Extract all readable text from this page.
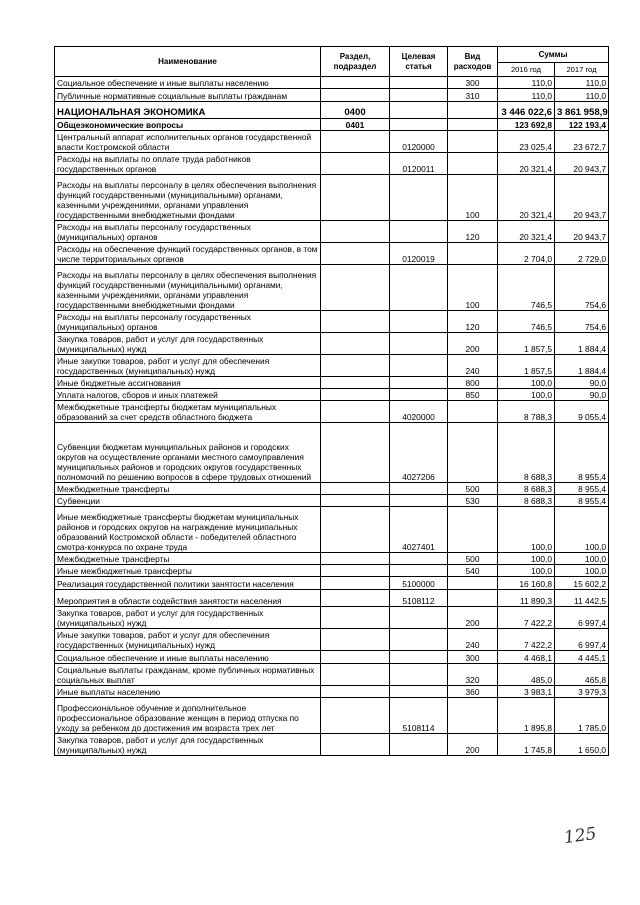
Наименование	Раздел, подраздел	Целевая статья	Вид расходов	Суммы	
				2016 год	2017 год
Социальное обеспечение и иные выплаты населению			300	110,0	110,0
Публичные нормативные социальные выплаты гражданам			310	110,0	110,0
НАЦИОНАЛЬНАЯ ЭКОНОМИКА	0400			3 446 022,6	3 861 958,9
Общеэкономические вопросы	0401			123 692,8	122 193,4
Центральный аппарат исполнительных органов государственной власти Костромской области		0120000		23 025,4	23 672,7
Расходы на выплаты по оплате труда работников государственных органов		0120011		20 321,4	20 943,7
Расходы на выплаты персоналу в целях обеспечения выполнения функций государственными (муниципальными) органами, казенными учреждениями, органами управления государственными внебюджетными фондами			100	20 321,4	20 943,7
Расходы на выплаты персоналу государственных (муниципальных) органов			120	20 321,4	20 943,7
Расходы на обеспечение функций государственных органов, в том числе территориальных органов		0120019		2 704,0	2 729,0
Расходы на выплаты персоналу в целях обеспечения выполнения функций государственными (муниципальными) органами, казенными учреждениями, органами управления государственными внебюджетными фондами			100	746,5	754,6
Расходы на выплаты персоналу государственных (муниципальных) органов			120	746,5	754,6
Закупка товаров, работ и услуг для государственных (муниципальных) нужд			200	1 857,5	1 884,4
Иные закупки товаров, работ и услуг для обеспечения государственных (муниципальных) нужд			240	1 857,5	1 884,4
Иные бюджетные ассигнования			800	100,0	90,0
Уплата налогов, сборов и иных платежей			850	100,0	90,0
Межбюджетные трансферты бюджетам муниципальных образований за счет средств областного бюджета		4020000		8 788,3	9 055,4
Субвенции бюджетам муниципальных районов и городских округов на осуществление органами местного самоуправления муниципальных районов и городских округов государственных полномочий по решению вопросов в сфере трудовых отношений		4027206		8 688,3	8 955,4
Межбюджетные трансферты			500	8 688,3	8 955,4
Субвенции			530	8 688,3	8 955,4
Иные межбюджетные трансферты бюджетам муниципальных районов и городских округов на награждение муниципальных образований Костромской области - победителей областного смотра-конкурса по охране труда		4027401		100,0	100,0
Межбюджетные трансферты			500	100,0	100,0
Иные межбюджетные трансферты			540	100,0	100,0
Реализация государственной политики занятости населения		5100000		16 160,8	15 602,2
Мероприятия в области содействия занятости населения		5108112		11 890,3	11 442,5
Закупка товаров, работ и услуг для государственных (муниципальных) нужд			200	7 422,2	6 997,4
Иные закупки товаров, работ и услуг для обеспечения государственных (муниципальных) нужд			240	7 422,2	6 997,4
Социальное обеспечение и иные выплаты населению			300	4 468,1	4 445,1
Социальные выплаты гражданам, кроме публичных нормативных социальных выплат			320	485,0	465,8
Иные выплаты населению			360	3 983,1	3 979,3
Профессиональное обучение и дополнительное профессиональное образование женщин в период отпуска по уходу за ребенком до достижения им возраста трех лет		5108114		1 895,8	1 785,0
Закупка товаров, работ и услуг для государственных (муниципальных) нужд			200	1 745,8	1 650,0
125
